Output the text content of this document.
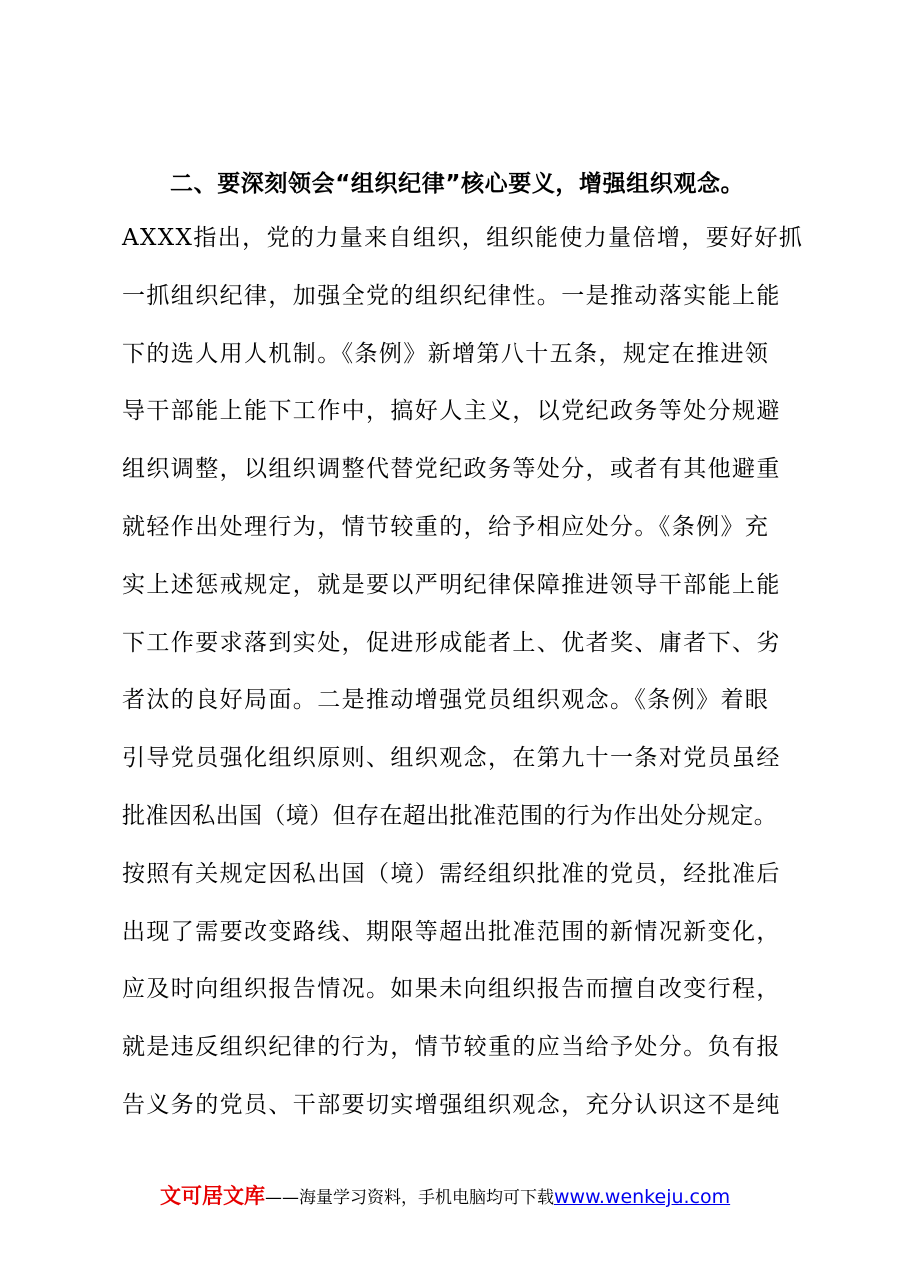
二、要深刻领会“组织纪律”核心要义，增强组织观念。
AXXX指出，党的力量来自组织，组织能使力量倍增，要好好抓
一抓组织纪律，加强全党的组织纪律性。一是推动落实能上能
下的选人用人机制。《条例》新增第八十五条，规定在推进领
导干部能上能下工作中，搞好人主义，以党纪政务等处分规避
组织调整，以组织调整代替党纪政务等处分，或者有其他避重
就轻作出处理行为，情节较重的，给予相应处分。《条例》充
实上述惩戒规定，就是要以严明纪律保障推进领导干部能上能
下工作要求落到实处，促进形成能者上、优者奖、庸者下、劣
者汰的良好局面。二是推动增强党员组织观念。《条例》着眼
引导党员强化组织原则、组织观念，在第九十一条对党员虽经
批准因私出国（境）但存在超出批准范围的行为作出处分规定。
按照有关规定因私出国（境）需经组织批准的党员，经批准后
出现了需要改变路线、期限等超出批准范围的新情况新变化，
应及时向组织报告情况。如果未向组织报告而擅自改变行程，
就是违反组织纪律的行为，情节较重的应当给予处分。负有报
告义务的党员、干部要切实增强组织观念，充分认识这不是纯
文可居文库——海量学习资料，手机电脑均可下载www.wenkeju.com
